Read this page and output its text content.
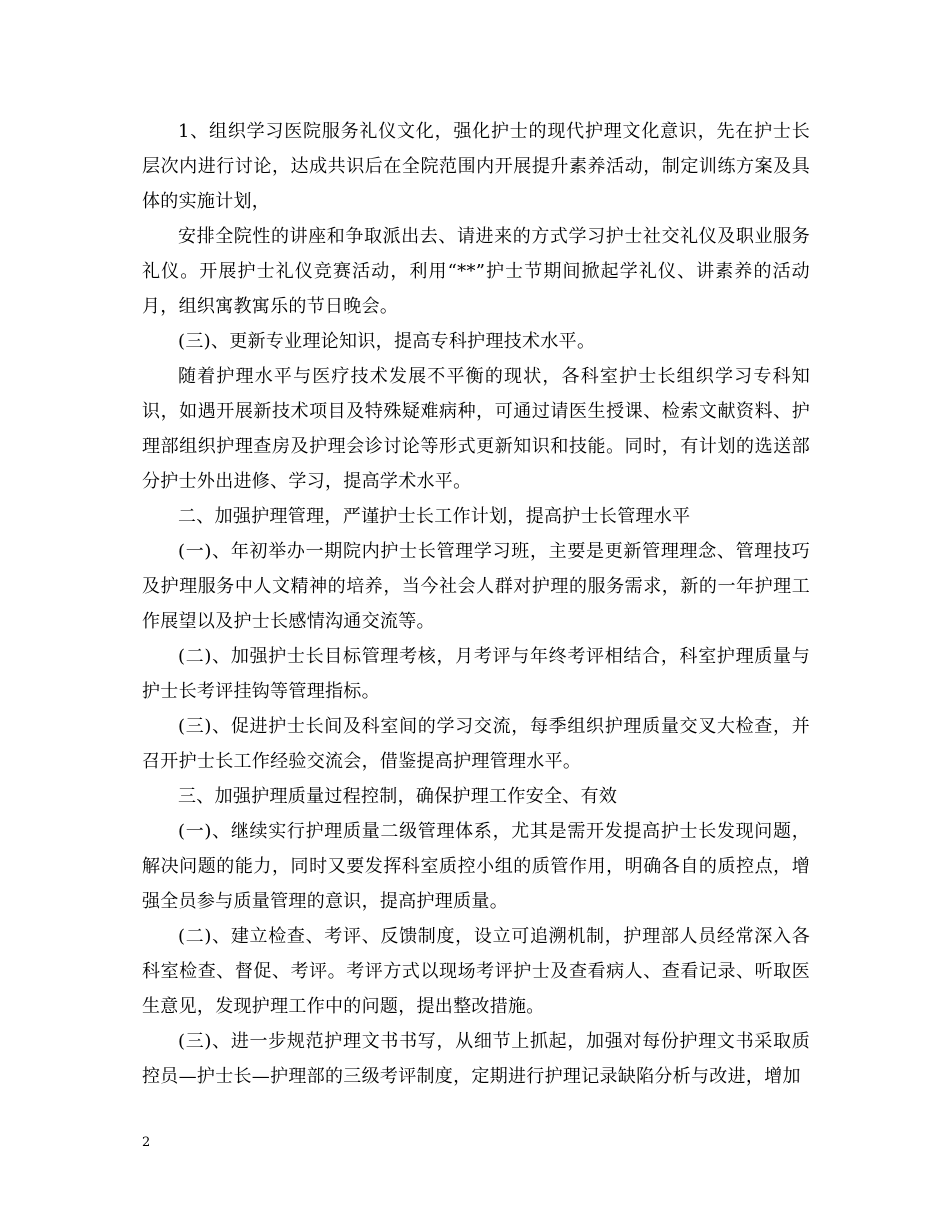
1、组织学习医院服务礼仪文化，强化护士的现代护理文化意识，先在护士长层次内进行讨论，达成共识后在全院范围内开展提升素养活动，制定训练方案及具体的实施计划，

安排全院性的讲座和争取派出去、请进来的方式学习护士社交礼仪及职业服务礼仪。开展护士礼仪竞赛活动，利用“**”护士节期间掀起学礼仪、讲素养的活动月，组织寓教寓乐的节日晚会。

(三)、更新专业理论知识，提高专科护理技术水平。

随着护理水平与医疗技术发展不平衡的现状，各科室护士长组织学习专科知识，如遇开展新技术项目及特殊疑难病种，可通过请医生授课、检索文献资料、护理部组织护理查房及护理会诊讨论等形式更新知识和技能。同时，有计划的选送部分护士外出进修、学习，提高学术水平。

二、加强护理管理，严谨护士长工作计划，提高护士长管理水平

(一)、年初举办一期院内护士长管理学习班，主要是更新管理理念、管理技巧及护理服务中人文精神的培养，当今社会人群对护理的服务需求，新的一年护理工作展望以及护士长感情沟通交流等。

(二)、加强护士长目标管理考核，月考评与年终考评相结合，科室护理质量与护士长考评挂钩等管理指标。

(三)、促进护士长间及科室间的学习交流，每季组织护理质量交叉大检查，并召开护士长工作经验交流会，借鉴提高护理管理水平。

三、加强护理质量过程控制，确保护理工作安全、有效

(一)、继续实行护理质量二级管理体系，尤其是需开发提高护士长发现问题，解决问题的能力，同时又要发挥科室质控小组的质管作用，明确各自的质控点，增强全员参与质量管理的意识，提高护理质量。

(二)、建立检查、考评、反馈制度，设立可追溯机制，护理部人员经常深入各科室检查、督促、考评。考评方式以现场考评护士及查看病人、查看记录、听取医生意见，发现护理工作中的问题，提出整改措施。

(三)、进一步规范护理文书书写，从细节上抓起，加强对每份护理文书采取质控员—护士长—护理部的三级考评制度，定期进行护理记录缺陷分析与改进，增加

2
